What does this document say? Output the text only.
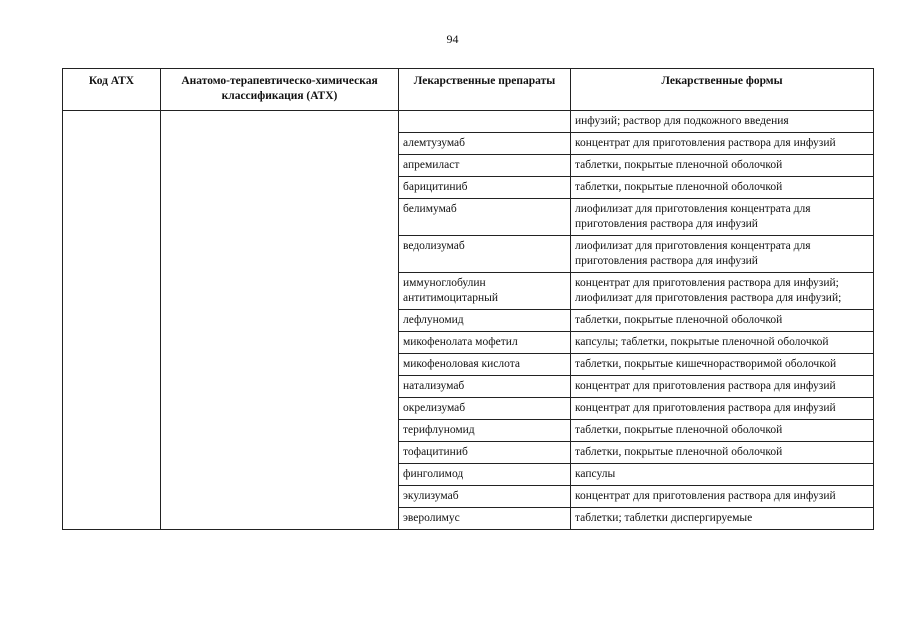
94
Код АТХ	Анатомо-терапевтическо-химическая классификация (АТХ)	Лекарственные препараты	Лекарственные формы
			инфузий; раствор для подкожного введения
		алемтузумаб	концентрат для приготовления раствора для инфузий
		апремиласт	таблетки, покрытые пленочной оболочкой
		барицитиниб	таблетки, покрытые пленочной оболочкой
		белимумаб	лиофилизат для приготовления концентрата для приготовления раствора для инфузий
		ведолизумаб	лиофилизат для приготовления концентрата для приготовления раствора для инфузий
		иммуноглобулин антитимоцитарный	концентрат для приготовления раствора для инфузий; лиофилизат для приготовления раствора для инфузий;
		лефлуномид	таблетки, покрытые пленочной оболочкой
		микофенолата мофетил	капсулы; таблетки, покрытые пленочной оболочкой
		микофеноловая кислота	таблетки, покрытые кишечнорастворимой оболочкой
		натализумаб	концентрат для приготовления раствора для инфузий
		окрелизумаб	концентрат для приготовления раствора для инфузий
		терифлуномид	таблетки, покрытые пленочной оболочкой
		тофацитиниб	таблетки, покрытые пленочной оболочкой
		финголимод	капсулы
		экулизумаб	концентрат для приготовления раствора для инфузий
		эверолимус	таблетки; таблетки диспергируемые
